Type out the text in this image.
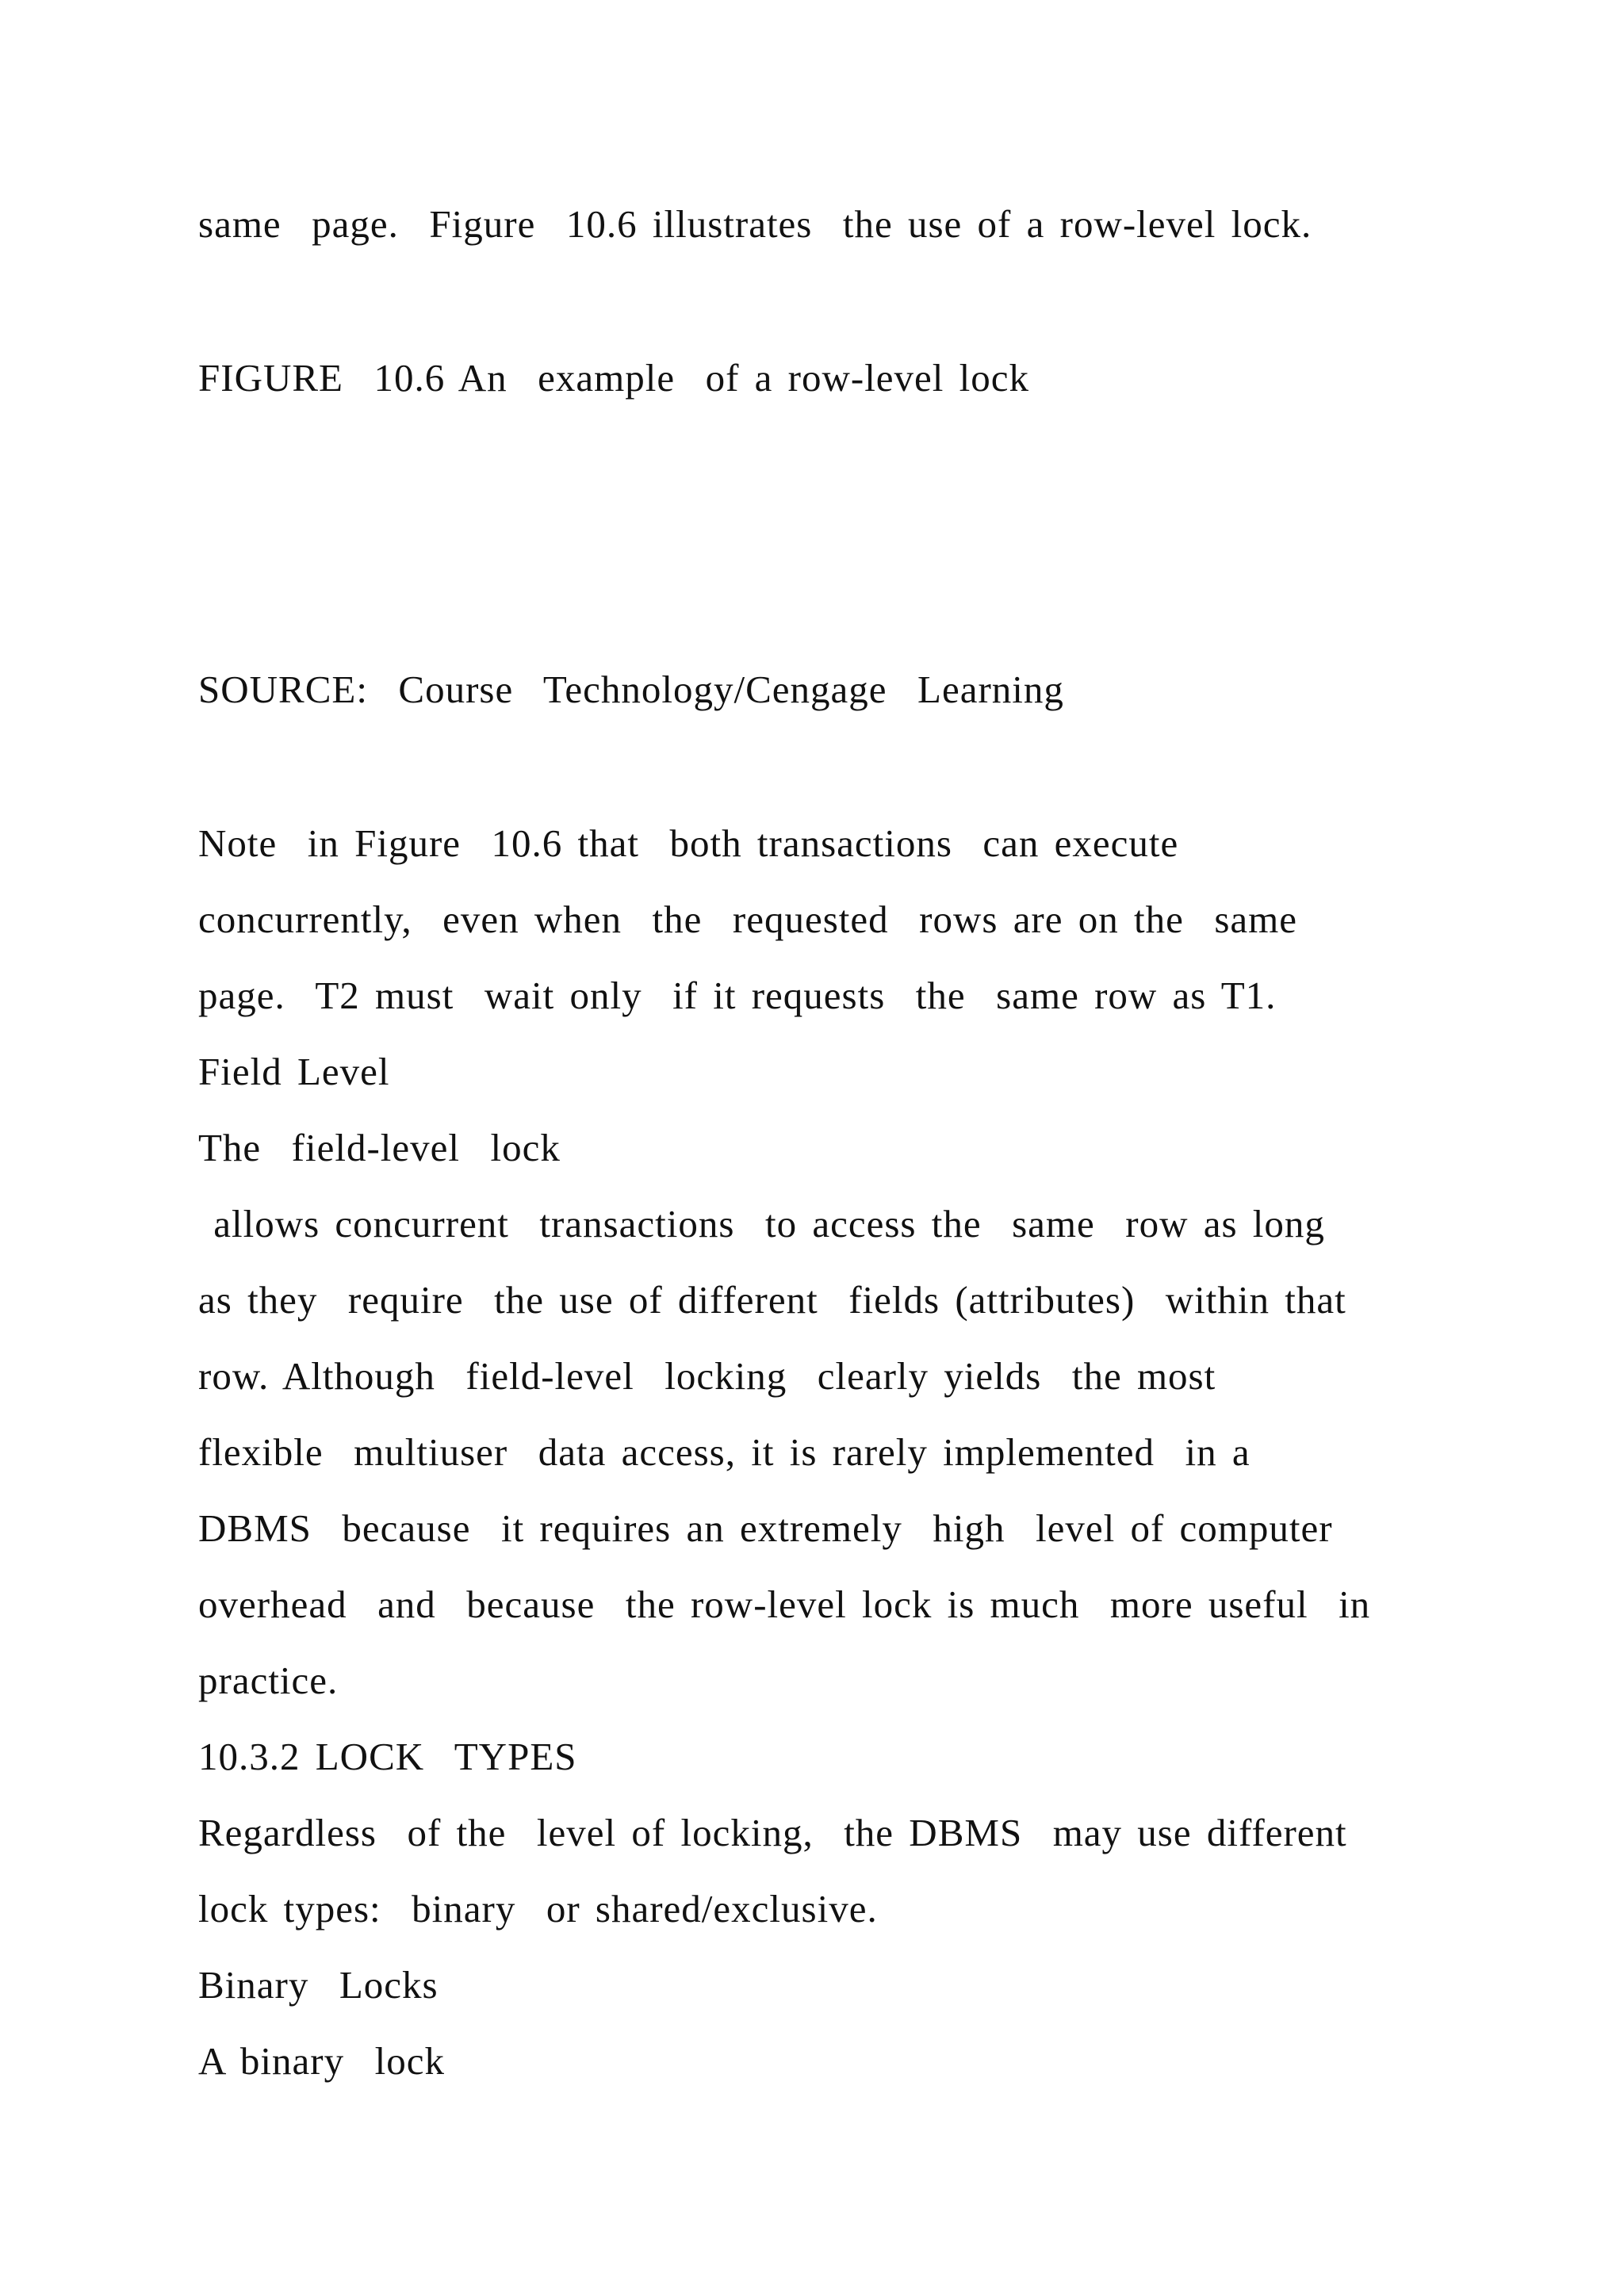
same  page.  Figure  10.6 illustrates  the use of a row-level lock.
FIGURE  10.6 An  example  of a row-level lock
SOURCE:  Course  Technology/Cengage  Learning
Note  in Figure  10.6 that  both transactions  can execute
concurrently,  even when  the  requested  rows are on the  same
page.  T2 must  wait only  if it requests  the  same row as T1.
Field Level
The  field-level  lock
allows concurrent  transactions  to access the  same  row as long
as they  require  the use of different  fields (attributes)  within that
row. Although  field-level  locking  clearly yields  the most
flexible  multiuser  data access, it is rarely implemented  in a
DBMS  because  it requires an extremely  high  level of computer
overhead  and  because  the row-level lock is much  more useful  in
practice.
10.3.2 LOCK  TYPES
Regardless  of the  level of locking,  the DBMS  may use different
lock types:  binary  or shared/exclusive.
Binary  Locks
A binary  lock
